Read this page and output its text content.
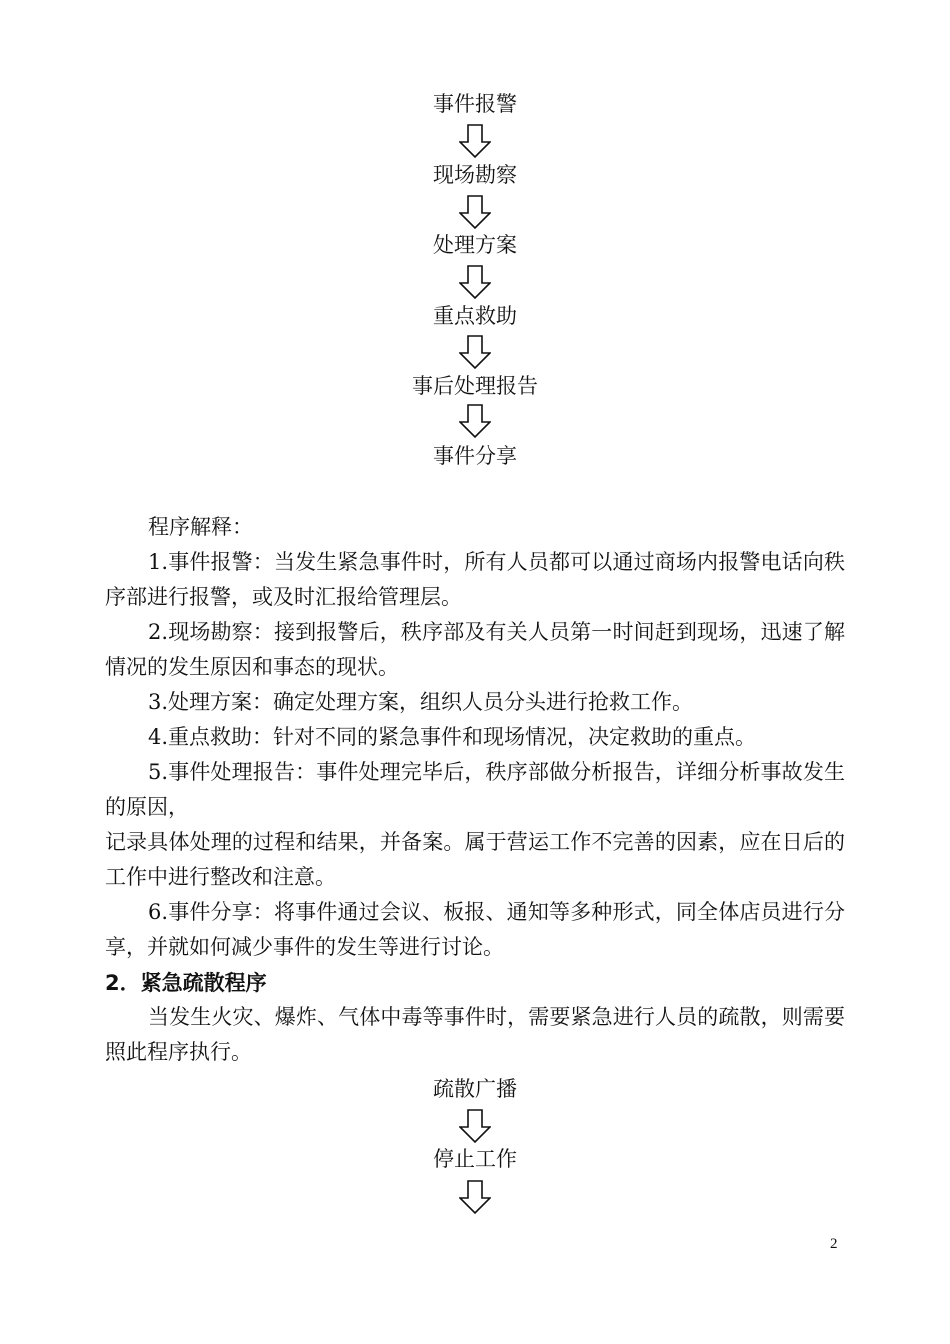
事件报警
现场勘察
处理方案
重点救助
事后处理报告
事件分享
程序解释：
1.事件报警：当发生紧急事件时，所有人员都可以通过商场内报警电话向秩序部进行报警，或及时汇报给管理层。
2.现场勘察：接到报警后，秩序部及有关人员第一时间赶到现场，迅速了解情况的发生原因和事态的现状。
3.处理方案：确定处理方案，组织人员分头进行抢救工作。
4.重点救助：针对不同的紧急事件和现场情况，决定救助的重点。
5.事件处理报告：事件处理完毕后，秩序部做分析报告，详细分析事故发生的原因，
记录具体处理的过程和结果，并备案。属于营运工作不完善的因素，应在日后的工作中进行整改和注意。
6.事件分享：将事件通过会议、板报、通知等多种形式，同全体店员进行分享，并就如何减少事件的发生等进行讨论。
2．紧急疏散程序
当发生火灾、爆炸、气体中毒等事件时，需要紧急进行人员的疏散，则需要照此程序执行。
疏散广播
停止工作
2
